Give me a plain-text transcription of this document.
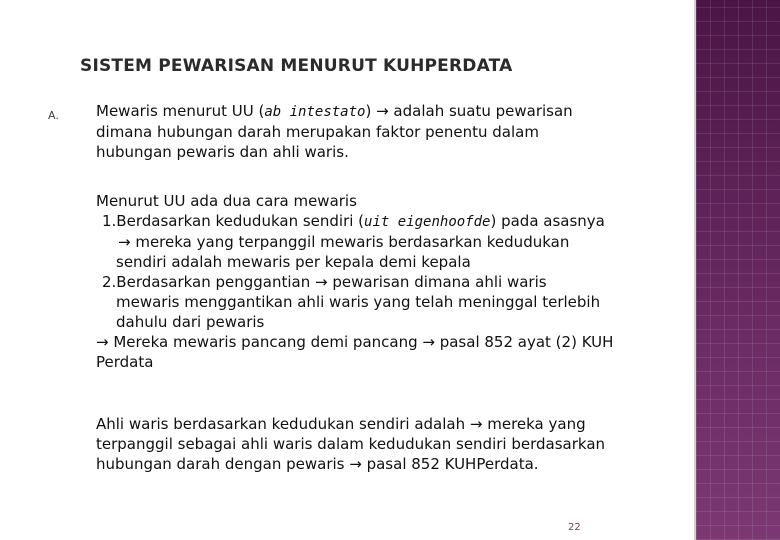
SISTEM PEWARISAN MENURUT KUHPERDATA
A. Mewaris menurut UU (ab intestato) → adalah suatu pewarisan

dimana hubungan darah merupakan faktor penentu dalam

hubungan pewaris dan ahli waris.

Menurut UU ada dua cara mewaris

1.Berdasarkan kedudukan sendiri (uit eigenhoofde) pada asasnya

→ mereka yang terpanggil mewaris berdasarkan kedudukan

sendiri adalah mewaris per kepala demi kepala

2.Berdasarkan penggantian → pewarisan dimana ahli waris

mewaris menggantikan ahli waris yang telah meninggal terlebih

dahulu dari pewaris

→ Mereka mewaris pancang demi pancang → pasal 852 ayat (2) KUH

Perdata

Ahli waris berdasarkan kedudukan sendiri adalah → mereka yang

terpanggil sebagai ahli waris dalam kedudukan sendiri berdasarkan

hubungan darah dengan pewaris → pasal 852 KUHPerdata.

22
